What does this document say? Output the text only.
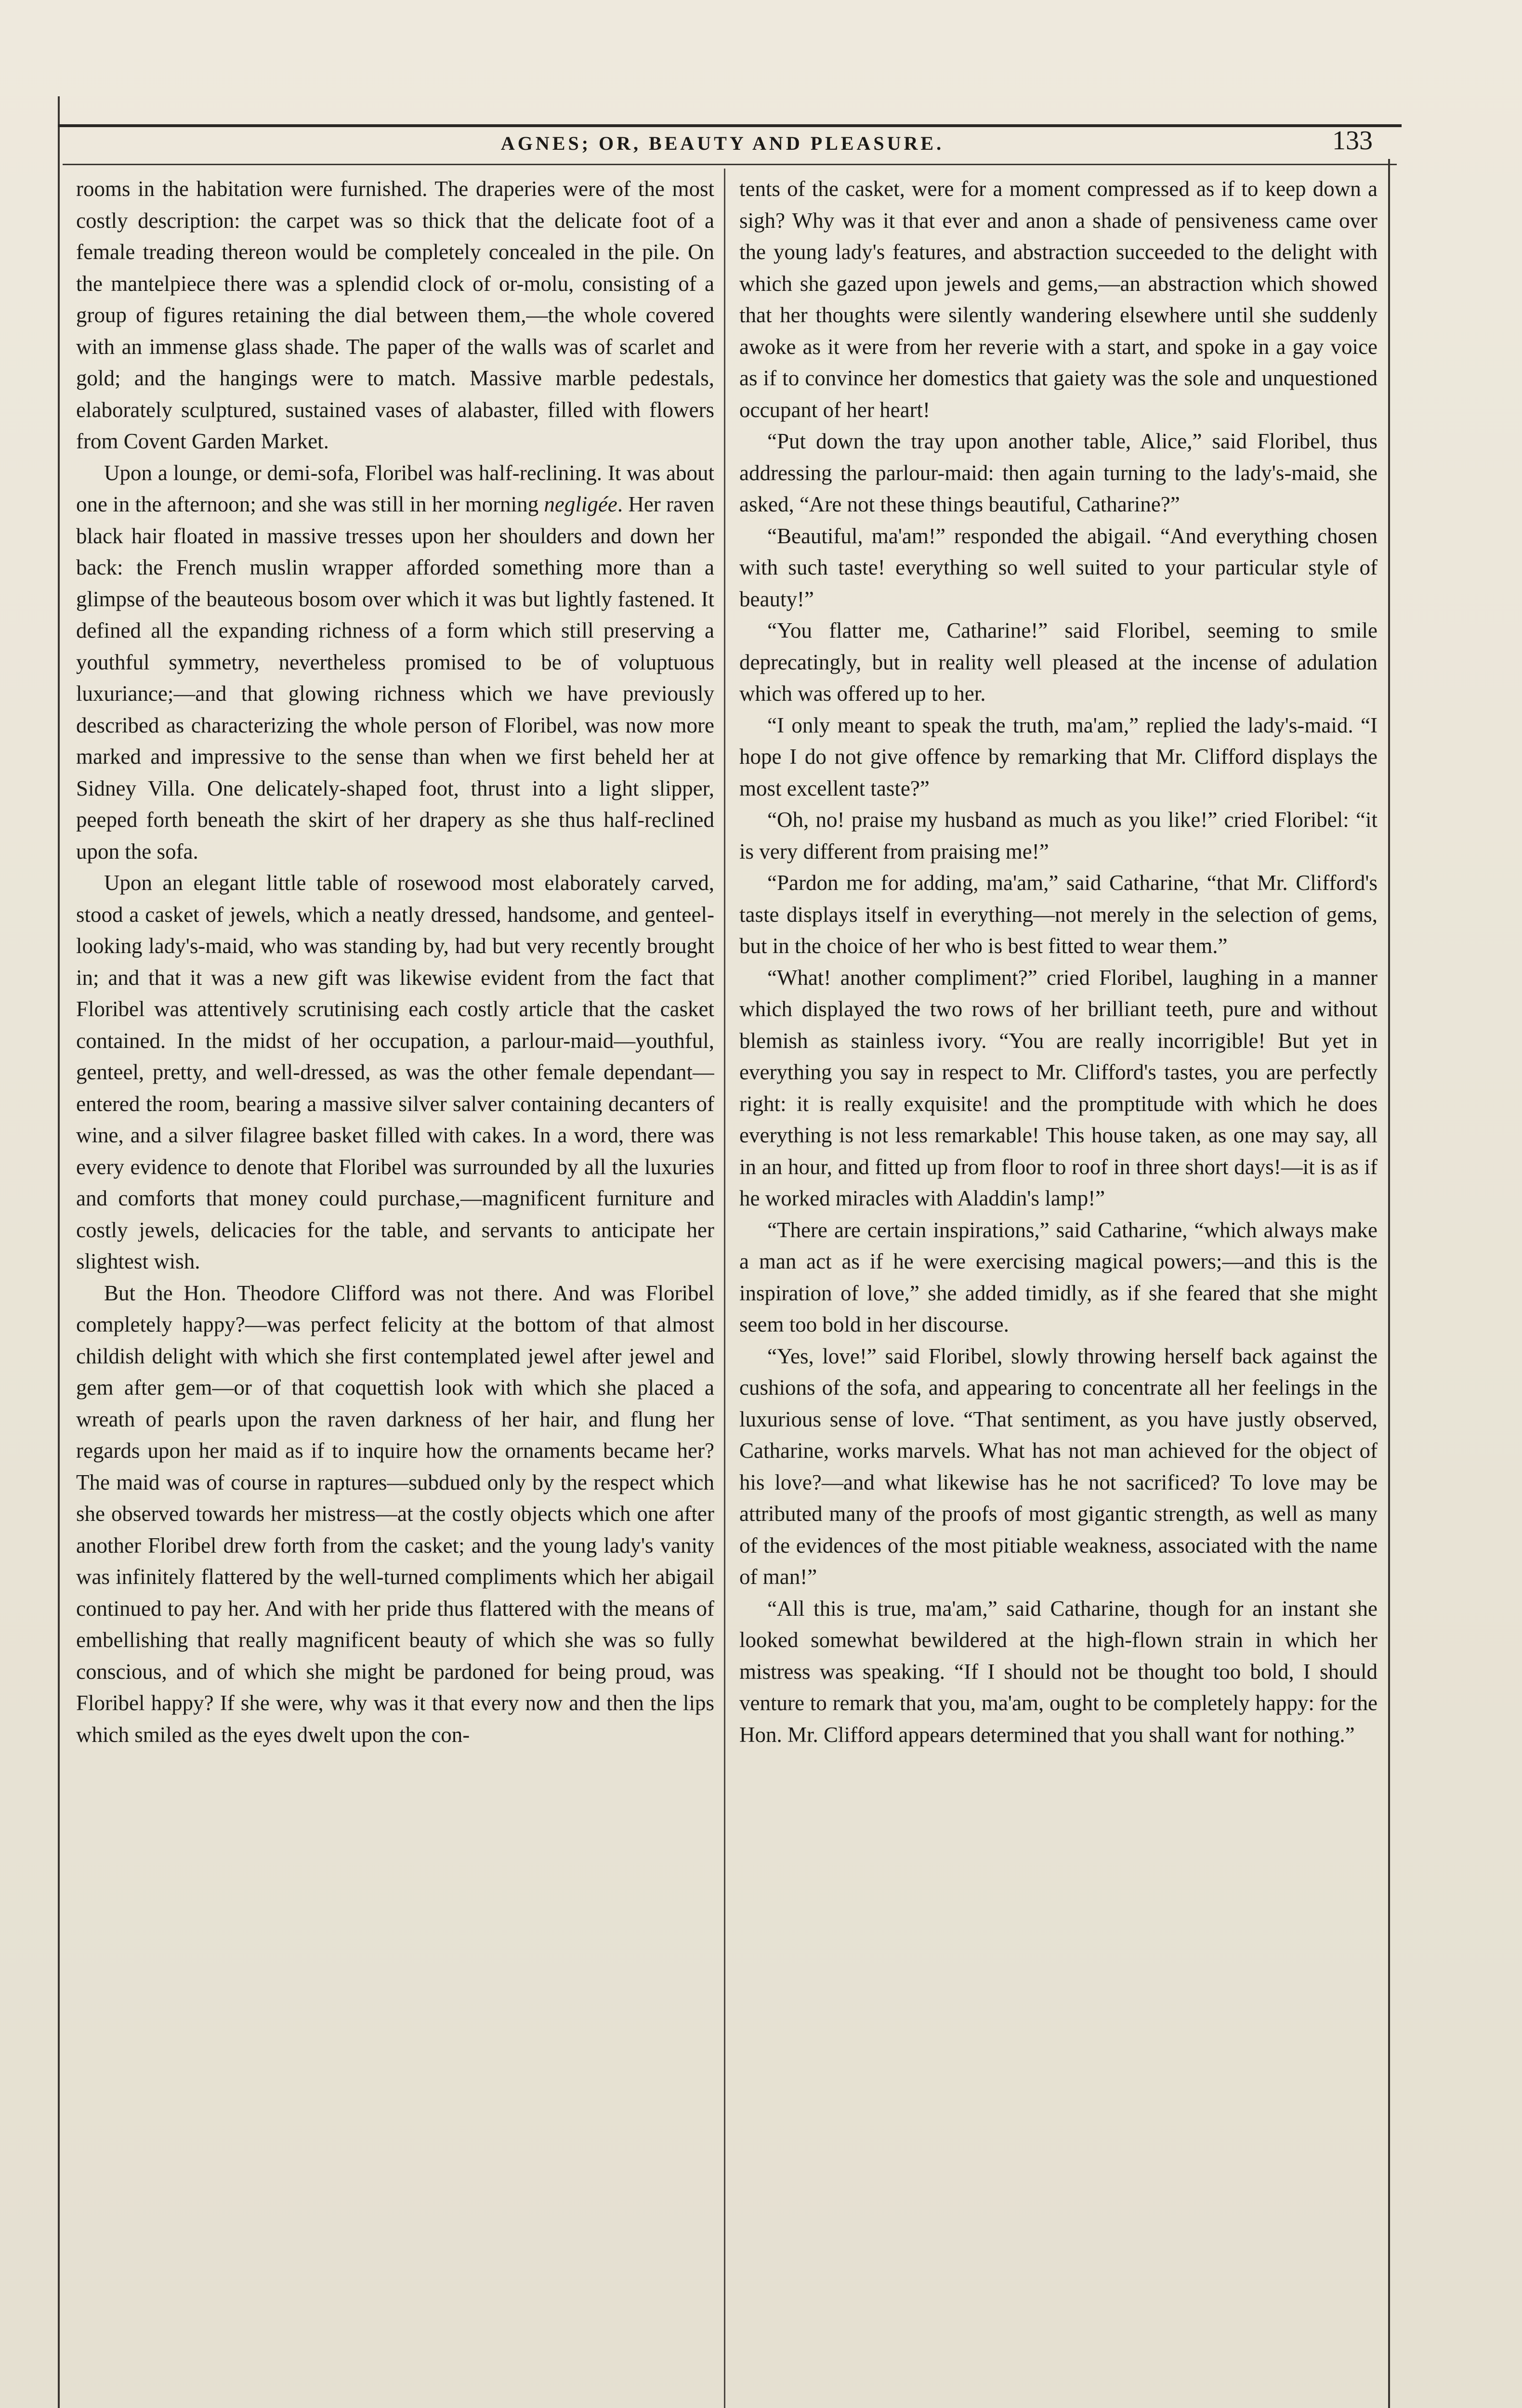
AGNES; OR, BEAUTY AND PLEASURE.	133

rooms in the habitation were furnished. The draperies were of the most costly description: the carpet was so thick that the delicate foot of a female treading thereon would be completely concealed in the pile. On the mantelpiece there was a splendid clock of or-molu, consisting of a group of figures retaining the dial between them,—the whole covered with an immense glass shade. The paper of the walls was of scarlet and gold; and the hangings were to match. Massive marble pedestals, elaborately sculptured, sustained vases of alabaster, filled with flowers from Covent Garden Market.

Upon a lounge, or demi-sofa, Floribel was half-reclining. It was about one in the afternoon; and she was still in her morning negligée. Her raven black hair floated in massive tresses upon her shoulders and down her back: the French muslin wrapper afforded something more than a glimpse of the beauteous bosom over which it was but lightly fastened. It defined all the expanding richness of a form which still preserving a youthful symmetry, nevertheless promised to be of voluptuous luxuriance;—and that glowing richness which we have previously described as characterizing the whole person of Floribel, was now more marked and impressive to the sense than when we first beheld her at Sidney Villa. One delicately-shaped foot, thrust into a light slipper, peeped forth beneath the skirt of her drapery as she thus half-reclined upon the sofa.

Upon an elegant little table of rosewood most elaborately carved, stood a casket of jewels, which a neatly dressed, handsome, and genteel-looking lady's-maid, who was standing by, had but very recently brought in; and that it was a new gift was likewise evident from the fact that Floribel was attentively scrutinising each costly article that the casket contained. In the midst of her occupation, a parlour-maid—youthful, genteel, pretty, and well-dressed, as was the other female dependant—entered the room, bearing a massive silver salver containing decanters of wine, and a silver filagree basket filled with cakes. In a word, there was every evidence to denote that Floribel was surrounded by all the luxuries and comforts that money could purchase,—magnificent furniture and costly jewels, delicacies for the table, and servants to anticipate her slightest wish.

But the Hon. Theodore Clifford was not there. And was Floribel completely happy?—was perfect felicity at the bottom of that almost childish delight with which she first contemplated jewel after jewel and gem after gem—or of that coquettish look with which she placed a wreath of pearls upon the raven darkness of her hair, and flung her regards upon her maid as if to inquire how the ornaments became her? The maid was of course in raptures—subdued only by the respect which she observed towards her mistress—at the costly objects which one after another Floribel drew forth from the casket; and the young lady's vanity was infinitely flattered by the well-turned compliments which her abigail continued to pay her. And with her pride thus flattered with the means of embellishing that really magnificent beauty of which she was so fully conscious, and of which she might be pardoned for being proud, was Floribel happy? If she were, why was it that every now and then the lips which smiled as the eyes dwelt upon the con-

tents of the casket, were for a moment compressed as if to keep down a sigh? Why was it that ever and anon a shade of pensiveness came over the young lady's features, and abstraction succeeded to the delight with which she gazed upon jewels and gems,—an abstraction which showed that her thoughts were silently wandering elsewhere until she suddenly awoke as it were from her reverie with a start, and spoke in a gay voice as if to convince her domestics that gaiety was the sole and unquestioned occupant of her heart!

“Put down the tray upon another table, Alice,” said Floribel, thus addressing the parlour-maid: then again turning to the lady's-maid, she asked, “Are not these things beautiful, Catharine?”

“Beautiful, ma'am!” responded the abigail. “And everything chosen with such taste! everything so well suited to your particular style of beauty!”

“You flatter me, Catharine!” said Floribel, seeming to smile deprecatingly, but in reality well pleased at the incense of adulation which was offered up to her.

“I only meant to speak the truth, ma'am,” replied the lady's-maid. “I hope I do not give offence by remarking that Mr. Clifford displays the most excellent taste?”

“Oh, no! praise my husband as much as you like!” cried Floribel: “it is very different from praising me!”

“Pardon me for adding, ma'am,” said Catharine, “that Mr. Clifford's taste displays itself in everything—not merely in the selection of gems, but in the choice of her who is best fitted to wear them.”

“What! another compliment?” cried Floribel, laughing in a manner which displayed the two rows of her brilliant teeth, pure and without blemish as stainless ivory. “You are really incorrigible! But yet in everything you say in respect to Mr. Clifford's tastes, you are perfectly right: it is really exquisite! and the promptitude with which he does everything is not less remarkable! This house taken, as one may say, all in an hour, and fitted up from floor to roof in three short days!—it is as if he worked miracles with Aladdin's lamp!”

“There are certain inspirations,” said Catharine, “which always make a man act as if he were exercising magical powers;—and this is the inspiration of love,” she added timidly, as if she feared that she might seem too bold in her discourse.

“Yes, love!” said Floribel, slowly throwing herself back against the cushions of the sofa, and appearing to concentrate all her feelings in the luxurious sense of love. “That sentiment, as you have justly observed, Catharine, works marvels. What has not man achieved for the object of his love?—and what likewise has he not sacrificed? To love may be attributed many of the proofs of most gigantic strength, as well as many of the evidences of the most pitiable weakness, associated with the name of man!”

“All this is true, ma'am,” said Catharine, though for an instant she looked somewhat bewildered at the high-flown strain in which her mistress was speaking. “If I should not be thought too bold, I should venture to remark that you, ma'am, ought to be completely happy: for the Hon. Mr. Clifford appears determined that you shall want for nothing.”
